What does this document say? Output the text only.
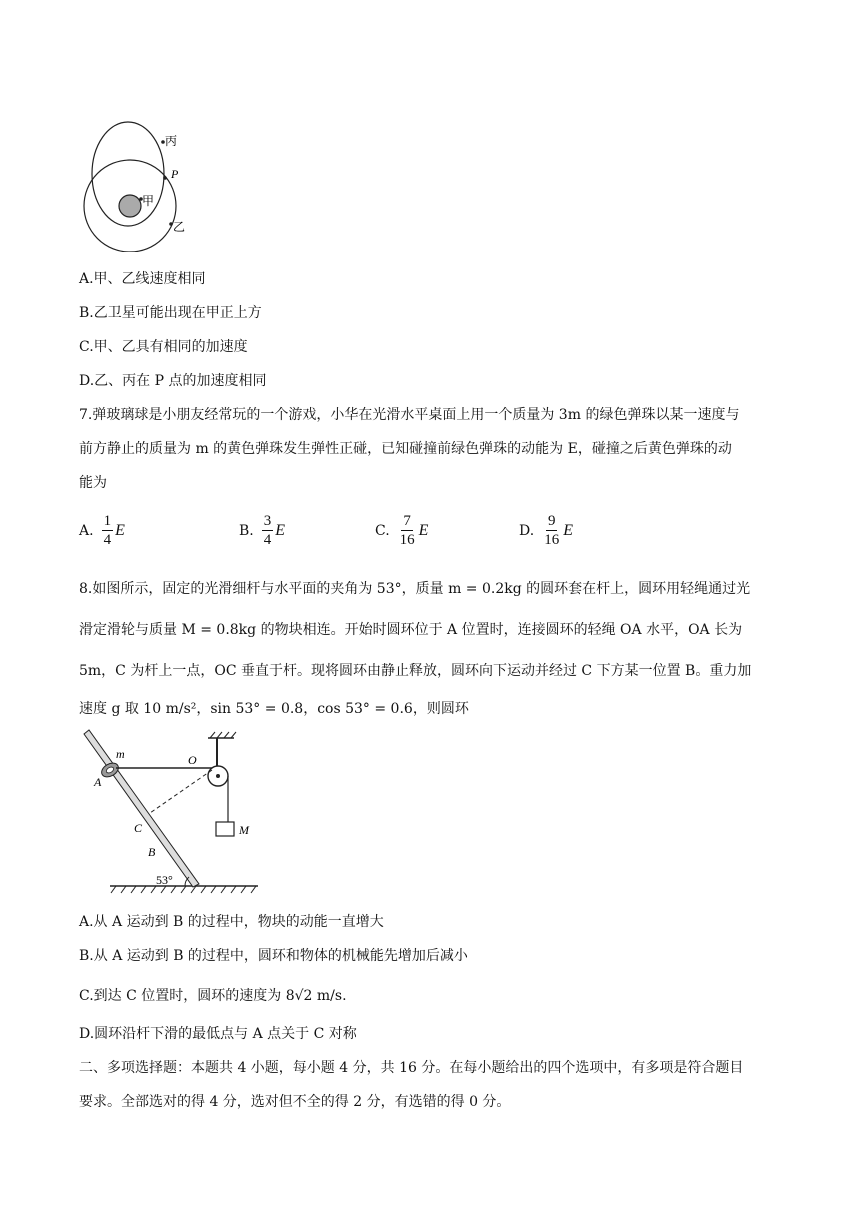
丙
P
甲
乙
A.甲、乙线速度相同
B.乙卫星可能出现在甲正上方
C.甲、乙具有相同的加速度
D.乙、丙在 P 点的加速度相同
7.弹玻璃球是小朋友经常玩的一个游戏，小华在光滑水平桌面上用一个质量为 3m 的绿色弹珠以某一速度与
前方静止的质量为 m 的黄色弹珠发生弹性正碰，已知碰撞前绿色弹珠的动能为 E，碰撞之后黄色弹珠的动
能为
A. $\frac{1}{4}$ E	B. $\frac{3}{4}$ E	C. $\frac{7}{16}$ E	D. $\frac{9}{16}$ E
8.如图所示，固定的光滑细杆与水平面的夹角为 53°，质量 m = 0.2kg 的圆环套在杆上，圆环用轻绳通过光
滑定滑轮与质量 M = 0.8kg 的物块相连。开始时圆环位于 A 位置时，连接圆环的轻绳 OA 水平，OA 长为
5m，C 为杆上一点，OC 垂直于杆。现将圆环由静止释放，圆环向下运动并经过 C 下方某一位置 B。重力加
速度 g 取 10 m/s²，sin 53° = 0.8，cos 53° = 0.6，则圆环
53°
M
m	O
A
C
B
A.从 A 运动到 B 的过程中，物块的动能一直增大
B.从 A 运动到 B 的过程中，圆环和物体的机械能先增加后减小
C.到达 C 位置时，圆环的速度为 8√2 m/s.
D.圆环沿杆下滑的最低点与 A 点关于 C 对称
二、多项选择题：本题共 4 小题，每小题 4 分，共 16 分。在每小题给出的四个选项中，有多项是符合题目
要求。全部选对的得 4 分，选对但不全的得 2 分，有选错的得 0 分。
